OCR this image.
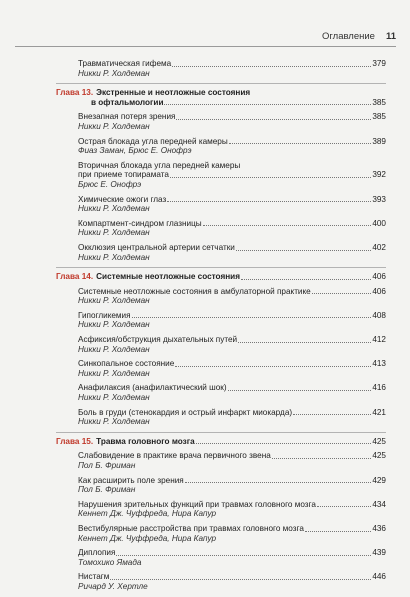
Оглавление 11
Травматическая гифема	379
Никки Р. Холдеман
Глава 13. Экстренные и неотложные состояния
в офтальмологии	385
Внезапная потеря зрения	385
Никки Р. Холдеман
Острая блокада угла передней камеры	389
Фиаз Заман, Брюс Е. Онофрэ
Вторичная блокада угла передней камеры
при приеме топирамата	392
Брюс Е. Онофрэ
Химические ожоги глаз	393
Никки Р. Холдеман
Компартмент-синдром глазницы	400
Никки Р. Холдеман
Окклюзия центральной артерии сетчатки	402
Никки Р. Холдеман
Глава 14. Системные неотложные состояния	406
Системные неотложные состояния в амбулаторной практике	406
Никки Р. Холдеман
Гипогликемия	408
Никки Р. Холдеман
Асфиксия/обструкция дыхательных путей	412
Никки Р. Холдеман
Синкопальное состояние	413
Никки Р. Холдеман
Анафилаксия (анафилактический шок)	416
Никки Р. Холдеман
Боль в груди (стенокардия и острый инфаркт миокарда)	421
Никки Р. Холдеман
Глава 15. Травма головного мозга	425
Слабовидение в практике врача первичного звена	425
Пол Б. Фриман
Как расширить поле зрения	429
Пол Б. Фриман
Нарушения зрительных функций при травмах головного мозга	434
Кеннет Дж. Чуффреда, Нира Капур
Вестибулярные расстройства при травмах головного мозга	436
Кеннет Дж. Чуффреда, Нира Капур
Диплопия	439
Томохико Ямада
Нистагм	446
Ричард У. Хертле
